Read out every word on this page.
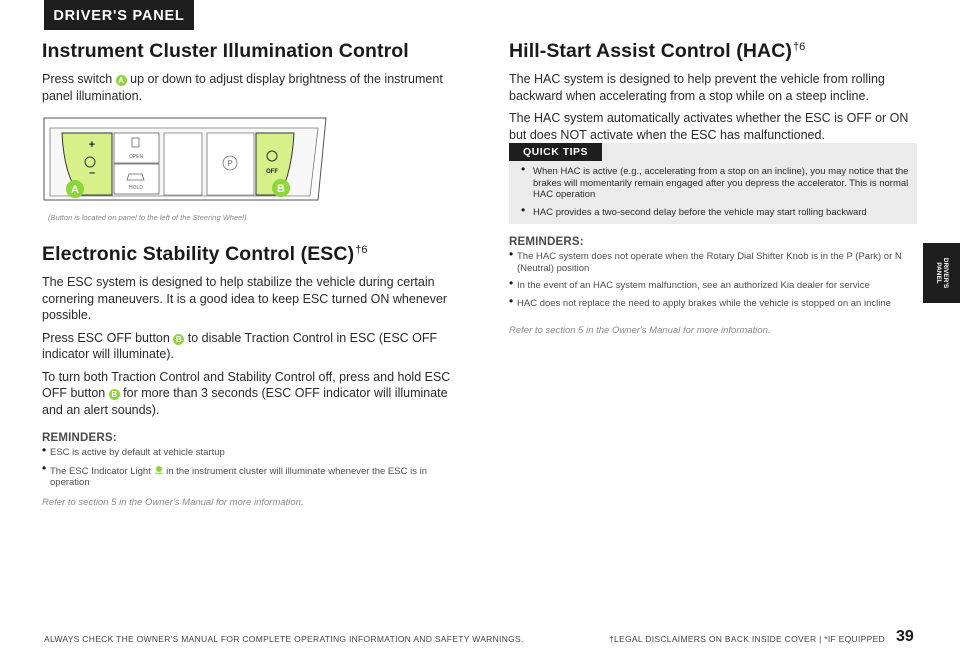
DRIVER'S PANEL
DRIVER'S
PANEL
Instrument Cluster Illumination Control

Press switch A up or down to adjust display brightness of the instrument panel illumination.

+
–
OPEN
HOLD
P
OFF
A	B
(Button is located on panel to the left of the Steering Wheel)
Electronic Stability Control (ESC)$^{\dagger 6}$

The ESC system is designed to help stabilize the vehicle during certain cornering maneuvers. It is a good idea to keep ESC turned ON whenever possible.

Press ESC OFF button B to disable Traction Control in ESC (ESC OFF indicator will illuminate).

To turn both Traction Control and Stability Control off, press and hold ESC OFF button B for more than 3 seconds (ESC OFF indicator will illuminate and an alert sounds).

REMINDERS:
• ESC is active by default at vehicle startup
• The ESC Indicator Light  in the instrument cluster will illuminate whenever the ESC is in operation
Refer to section 5 in the Owner's Manual for more information.
Hill-Start Assist Control (HAC)$^{\dagger 6}$

The HAC system is designed to help prevent the vehicle from rolling backward when accelerating from a stop while on a steep incline.

The HAC system automatically activates whether the ESC is OFF or ON but does NOT activate when the ESC has malfunctioned.

QUICK TIPS
• When HAC is active (e.g., accelerating from a stop on an incline), you may notice that the brakes will momentarily remain engaged after you depress the accelerator. This is normal HAC operation
• HAC provides a two-second delay before the vehicle may start rolling backward
REMINDERS:
• The HAC system does not operate when the Rotary Dial Shifter Knob is in the P (Park) or N (Neutral) position
• In the event of an HAC system malfunction, see an authorized Kia dealer for service
• HAC does not replace the need to apply brakes while the vehicle is stopped on an incline
Refer to section 5 in the Owner's Manual for more information.
ALWAYS CHECK THE OWNER'S MANUAL FOR COMPLETE OPERATING INFORMATION AND SAFETY WARNINGS.	†LEGAL DISCLAIMERS ON BACK INSIDE COVER | *IF EQUIPPED 39
